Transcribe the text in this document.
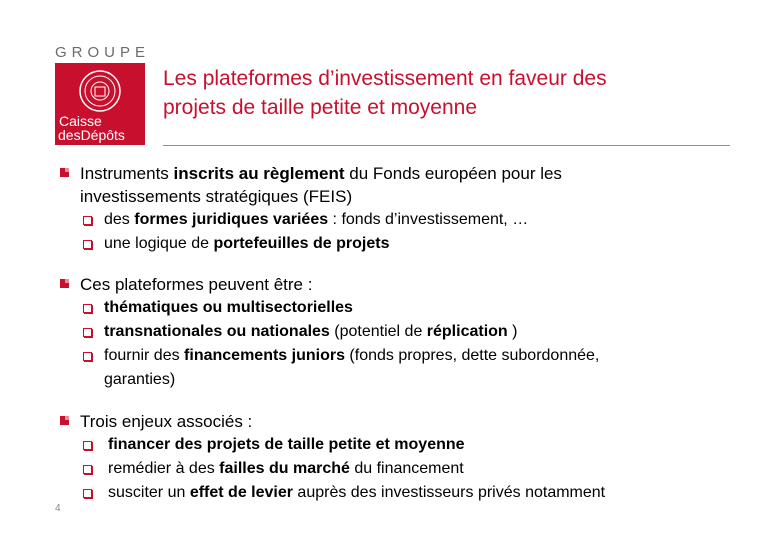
GROUPE
Caisse
desDépôts
Les plateformes d’investissement en faveur des
projets de taille petite et moyenne
Instruments inscrits au règlement du Fonds européen pour les
investissements stratégiques (FEIS)
des formes juridiques variées : fonds d’investissement, …
une logique de portefeuilles de projets
Ces plateformes peuvent être :
thématiques ou multisectorielles
transnationales ou nationales (potentiel de réplication )
fournir des financements juniors (fonds propres, dette subordonnée,
garanties)
Trois enjeux associés :
financer des projets de taille petite et moyenne
remédier à des failles du marché du financement
susciter un effet de levier auprès des investisseurs privés notamment
4
